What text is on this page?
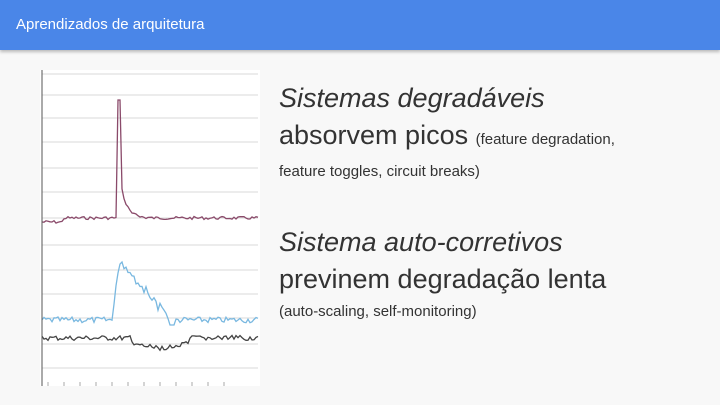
Aprendizados de arquitetura
Sistemas degradáveis
absorvem picos (feature degradation,
feature toggles, circuit breaks)
Sistema auto-corretivos
previnem degradação lenta
(auto-scaling, self-monitoring)
